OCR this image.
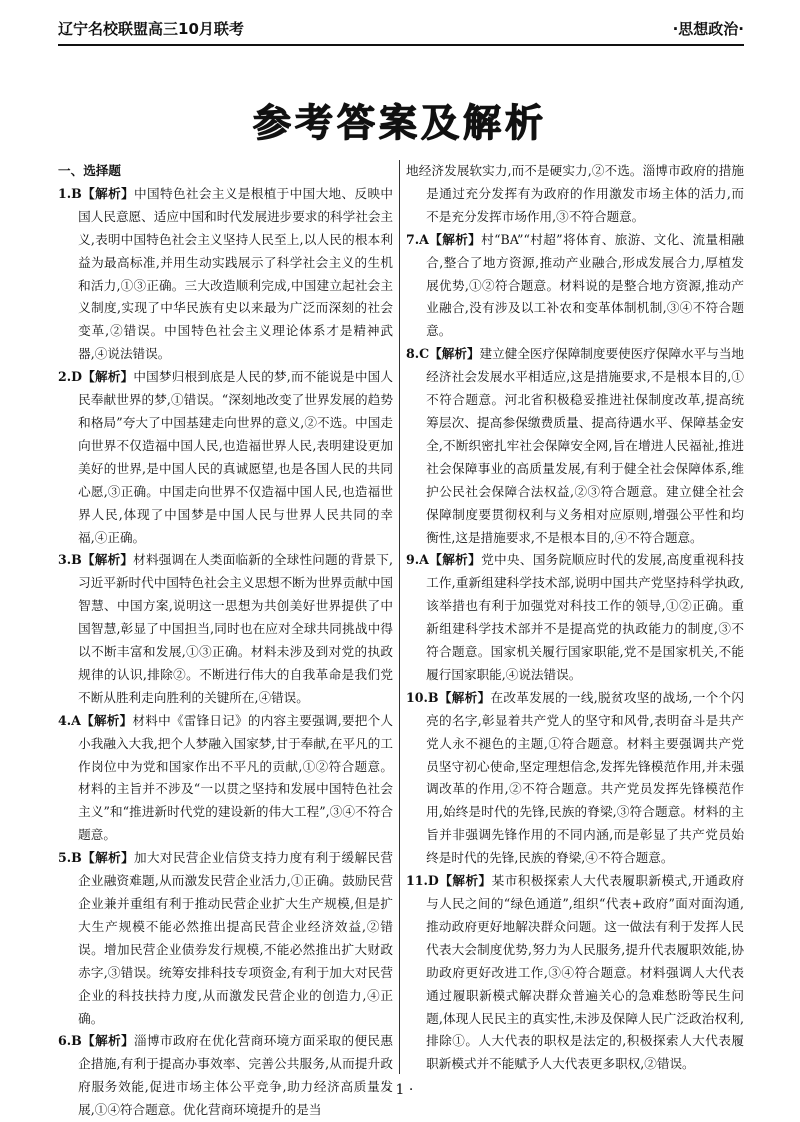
辽宁名校联盟高三10月联考	·思想政治·
参考答案及解析
一、选择题
1.B【解析】中国特色社会主义是根植于中国大地、反映中国人民意愿、适应中国和时代发展进步要求的科学社会主义,表明中国特色社会主义坚持人民至上,以人民的根本利益为最高标准,并用生动实践展示了科学社会主义的生机和活力,①③正确。三大改造顺利完成,中国建立起社会主义制度,实现了中华民族有史以来最为广泛而深刻的社会变革,②错误。中国特色社会主义理论体系才是精神武器,④说法错误。
2.D【解析】中国梦归根到底是人民的梦,而不能说是中国人民奉献世界的梦,①错误。“深刻地改变了世界发展的趋势和格局”夸大了中国基建走向世界的意义,②不选。中国走向世界不仅造福中国人民,也造福世界人民,表明建设更加美好的世界,是中国人民的真诚愿望,也是各国人民的共同心愿,③正确。中国走向世界不仅造福中国人民,也造福世界人民,体现了中国梦是中国人民与世界人民共同的幸福,④正确。
3.B【解析】材料强调在人类面临新的全球性问题的背景下,习近平新时代中国特色社会主义思想不断为世界贡献中国智慧、中国方案,说明这一思想为共创美好世界提供了中国智慧,彰显了中国担当,同时也在应对全球共同挑战中得以不断丰富和发展,①③正确。材料未涉及到对党的执政规律的认识,排除②。不断进行伟大的自我革命是我们党不断从胜利走向胜利的关键所在,④错误。
4.A【解析】材料中《雷锋日记》的内容主要强调,要把个人小我融入大我,把个人梦融入国家梦,甘于奉献,在平凡的工作岗位中为党和国家作出不平凡的贡献,①②符合题意。材料的主旨并不涉及“一以贯之坚持和发展中国特色社会主义”和“推进新时代党的建设新的伟大工程”,③④不符合题意。
5.B【解析】加大对民营企业信贷支持力度有利于缓解民营企业融资难题,从而激发民营企业活力,①正确。鼓励民营企业兼并重组有利于推动民营企业扩大生产规模,但是扩大生产规模不能必然推出提高民营企业经济效益,②错误。增加民营企业债券发行规模,不能必然推出扩大财政赤字,③错误。统筹安排科技专项资金,有利于加大对民营企业的科技扶持力度,从而激发民营企业的创造力,④正确。
6.B【解析】淄博市政府在优化营商环境方面采取的便民惠企措施,有利于提高办事效率、完善公共服务,从而提升政府服务效能,促进市场主体公平竞争,助力经济高质量发展,①④符合题意。优化营商环境提升的是当
地经济发展软实力,而不是硬实力,②不选。淄博市政府的措施是通过充分发挥有为政府的作用激发市场主体的活力,而不是充分发挥市场作用,③不符合题意。
7.A【解析】村“BA”“村超”将体育、旅游、文化、流量相融合,整合了地方资源,推动产业融合,形成发展合力,厚植发展优势,①②符合题意。材料说的是整合地方资源,推动产业融合,没有涉及以工补农和变革体制机制,③④不符合题意。
8.C【解析】建立健全医疗保障制度要使医疗保障水平与当地经济社会发展水平相适应,这是措施要求,不是根本目的,①不符合题意。河北省积极稳妥推进社保制度改革,提高统筹层次、提高参保缴费质量、提高待遇水平、保障基金安全,不断织密扎牢社会保障安全网,旨在增进人民福祉,推进社会保障事业的高质量发展,有利于健全社会保障体系,维护公民社会保障合法权益,②③符合题意。建立健全社会保障制度要贯彻权利与义务相对应原则,增强公平性和均衡性,这是措施要求,不是根本目的,④不符合题意。
9.A【解析】党中央、国务院顺应时代的发展,高度重视科技工作,重新组建科学技术部,说明中国共产党坚持科学执政,该举措也有利于加强党对科技工作的领导,①②正确。重新组建科学技术部并不是提高党的执政能力的制度,③不符合题意。国家机关履行国家职能,党不是国家机关,不能履行国家职能,④说法错误。
10.B【解析】在改革发展的一线,脱贫攻坚的战场,一个个闪亮的名字,彰显着共产党人的坚守和风骨,表明奋斗是共产党人永不褪色的主题,①符合题意。材料主要强调共产党员坚守初心使命,坚定理想信念,发挥先锋模范作用,并未强调改革的作用,②不符合题意。共产党员发挥先锋模范作用,始终是时代的先锋,民族的脊梁,③符合题意。材料的主旨并非强调先锋作用的不同内涵,而是彰显了共产党员始终是时代的先锋,民族的脊梁,④不符合题意。
11.D【解析】某市积极探索人大代表履职新模式,开通政府与人民之间的“绿色通道”,组织“代表+政府”面对面沟通,推动政府更好地解决群众问题。这一做法有利于发挥人民代表大会制度优势,努力为人民服务,提升代表履职效能,协助政府更好改进工作,③④符合题意。材料强调人大代表通过履职新模式解决群众普遍关心的急难愁盼等民生问题,体现人民民主的真实性,未涉及保障人民广泛政治权利,排除①。人大代表的职权是法定的,积极探索人大代表履职新模式并不能赋予人大代表更多职权,②错误。
· 1 ·
